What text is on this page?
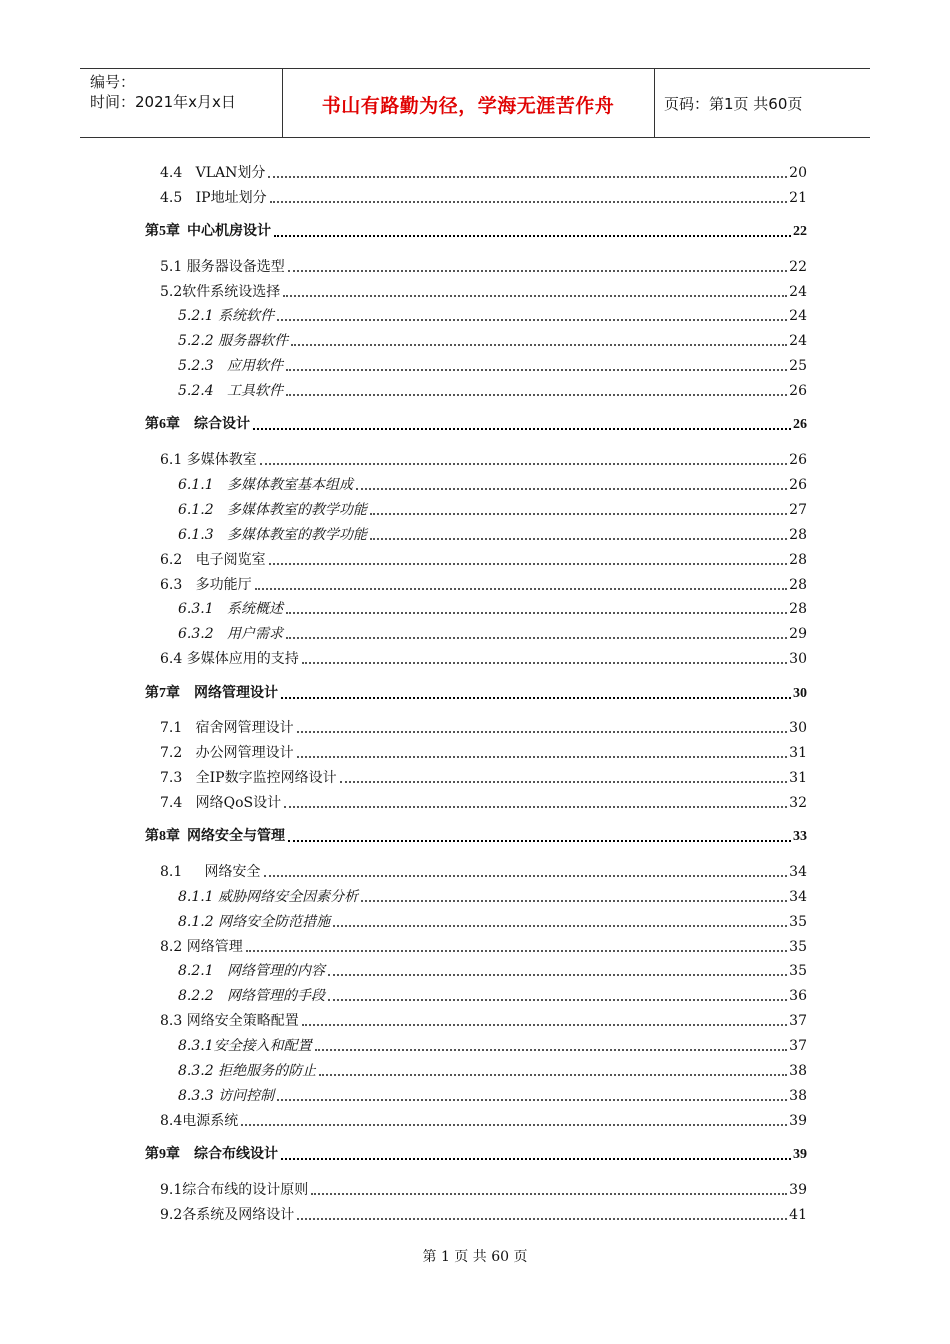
编号：
时间：2021年x月x日	书山有路勤为径，学海无涯苦作舟	页码：第1页 共60页
4.4   VLAN划分	20
4.5   IP地址划分	21
第5章  中心机房设计	22
5.1 服务器设备选型	22
5.2软件系统设选择	24
5.2.1 系统软件	24
5.2.2 服务器软件	24
5.2.3   应用软件	25
5.2.4   工具软件	26
第6章    综合设计	26
6.1 多媒体教室	26
6.1.1   多媒体教室基本组成	26
6.1.2   多媒体教室的教学功能	27
6.1.3   多媒体教室的教学功能	28
6.2   电子阅览室	28
6.3   多功能厅	28
6.3.1   系统概述	28
6.3.2   用户需求	29
6.4 多媒体应用的支持	30
第7章    网络管理设计	30
7.1   宿舍网管理设计	30
7.2   办公网管理设计	31
7.3   全IP数字监控网络设计	31
7.4   网络QoS设计	32
第8章  网络安全与管理	33
8.1     网络安全	34
8.1.1 威胁网络安全因素分析	34
8.1.2 网络安全防范措施	35
8.2 网络管理	35
8.2.1   网络管理的内容	35
8.2.2   网络管理的手段	36
8.3 网络安全策略配置	37
8.3.1安全接入和配置	37
8.3.2 拒绝服务的防止	38
8.3.3 访问控制	38
8.4电源系统	39
第9章    综合布线设计	39
9.1综合布线的设计原则	39
9.2各系统及网络设计	41
第 1 页 共 60 页
